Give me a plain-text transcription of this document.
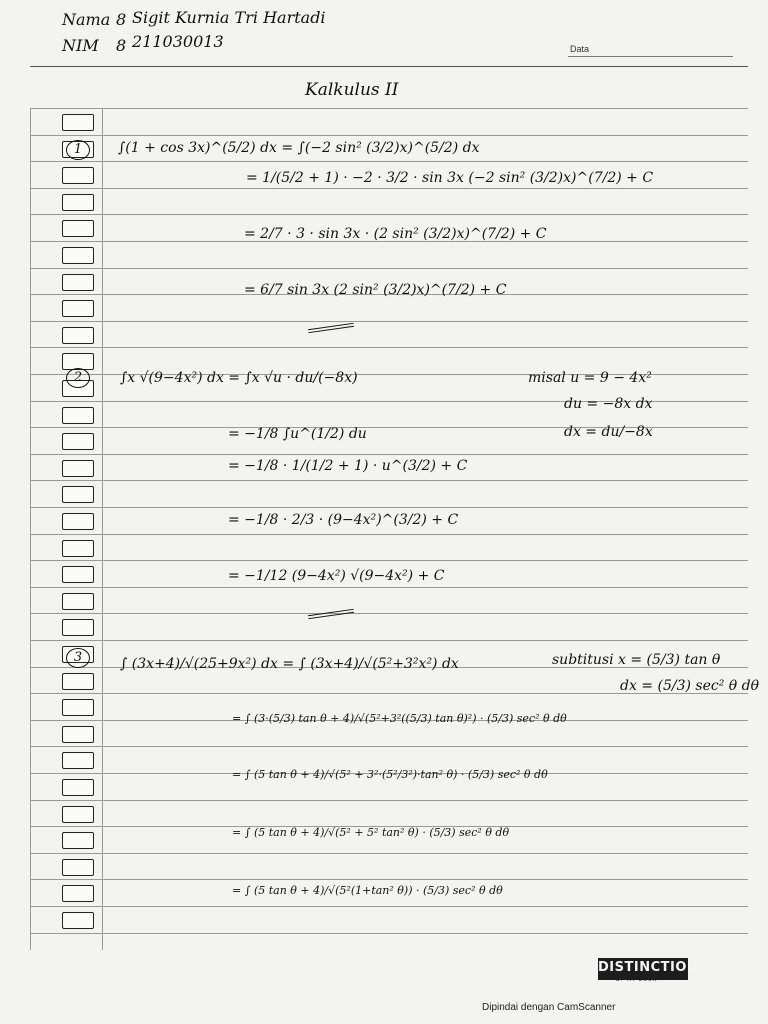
Nama 8 Sigit Kurnia Tri Hartadi
NIM 8 211030013	Data
Kalkulus II
1	∫(1 + cos 3x)^(5/2) dx = ∫(−2 sin² (3/2)x)^(5/2) dx
= 1/(5/2 + 1) · −2 · 3/2 · sin 3x (−2 sin² (3/2)x)^(7/2) + C
= 2/7 · 3 · sin 3x · (2 sin² (3/2)x)^(7/2) + C
= 6/7 sin 3x (2 sin² (3/2)x)^(7/2) + C
2	∫x √(9−4x²) dx = ∫x √u · du/(−8x)
= −1/8 ∫u^(1/2) du
= −1/8 · 1/(1/2 + 1) · u^(3/2) + C
= −1/8 · 2/3 · (9−4x²)^(3/2) + C
= −1/12 (9−4x²) √(9−4x²) + C
misal u = 9 − 4x²
du = −8x dx
dx = du/−8x
3	∫ (3x+4)/√(25+9x²) dx = ∫ (3x+4)/√(5²+3²x²) dx
= ∫ (3·(5/3) tan θ + 4)/√(5²+3²((5/3) tan θ)²) · (5/3) sec² θ dθ
= ∫ (5 tan θ + 4)/√(5² + 3²·(5²/3²)·tan² θ) · (5/3) sec² θ dθ
= ∫ (5 tan θ + 4)/√(5² + 5² tan² θ) · (5/3) sec² θ dθ
= ∫ (5 tan θ + 4)/√(5²(1+tan² θ)) · (5/3) sec² θ dθ
subtitusi x = (5/3) tan θ
dx = (5/3) sec² θ dθ
DISTINCTION
BY MY BOOK
Dipindai dengan CamScanner
